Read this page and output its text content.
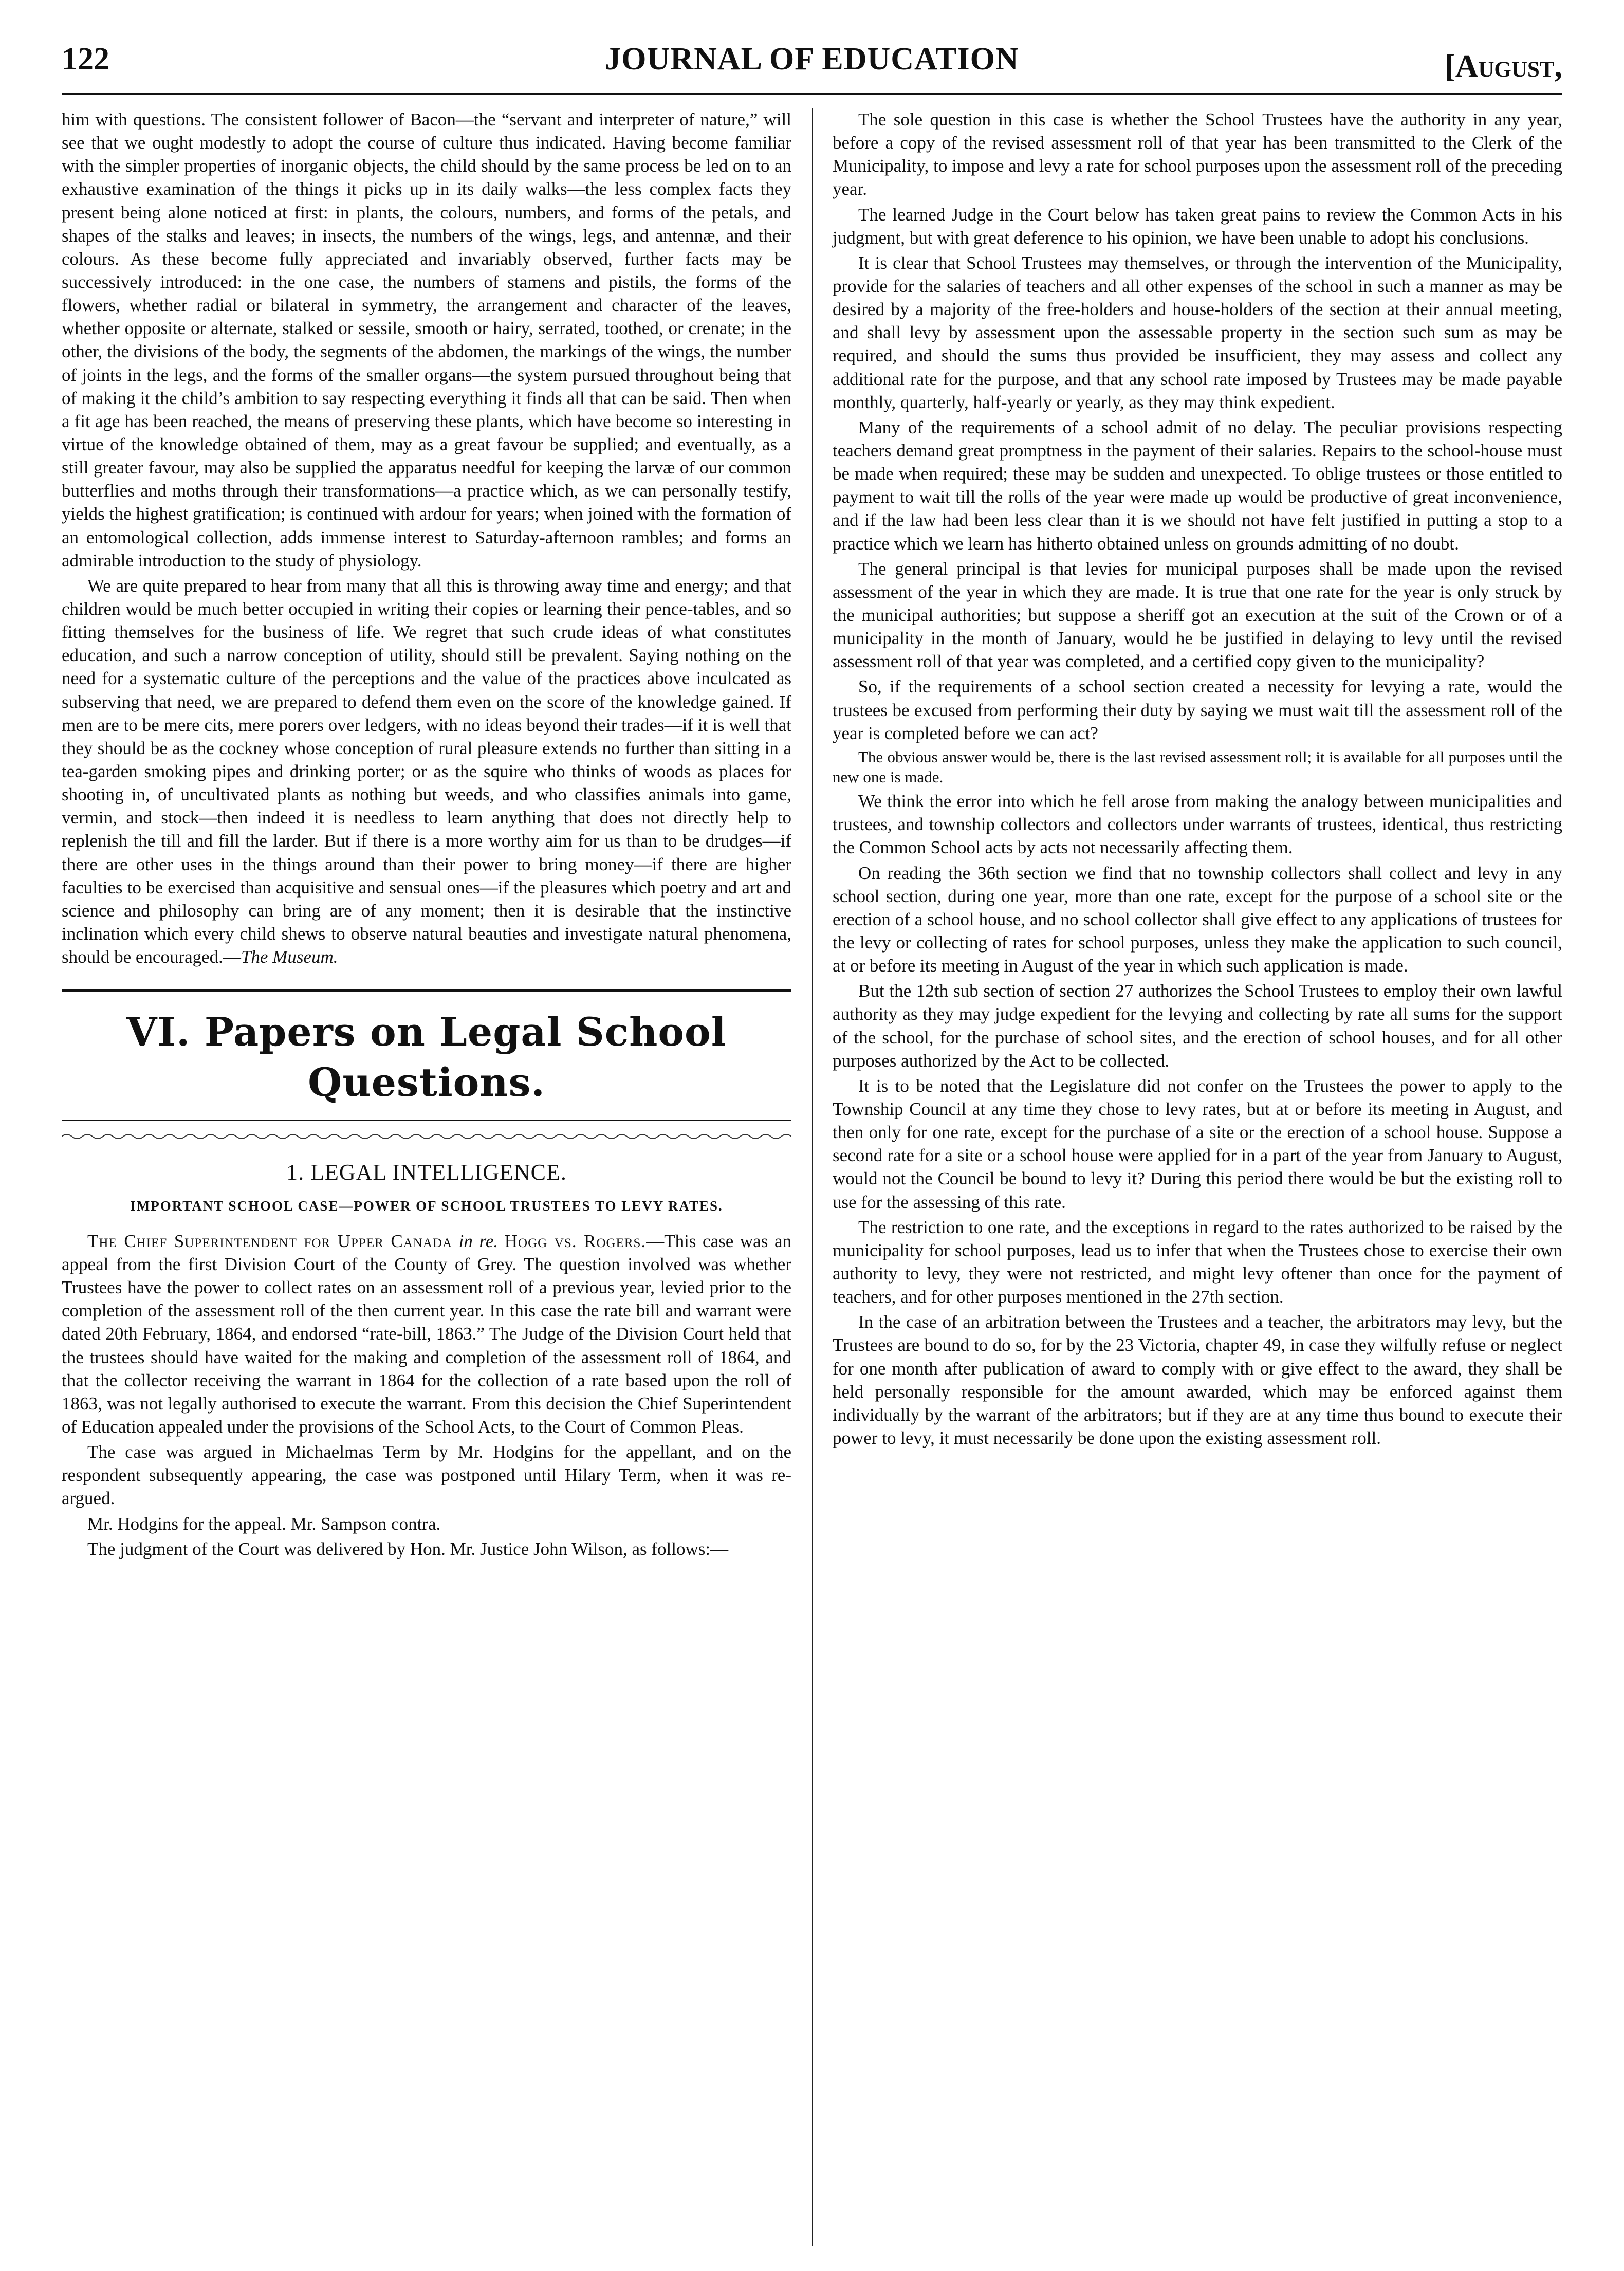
122	JOURNAL OF EDUCATION	[August,

him with questions. The consistent follower of Bacon—the “servant and interpreter of nature,” will see that we ought modestly to adopt the course of culture thus indicated. Having become familiar with the simpler properties of inorganic objects, the child should by the same process be led on to an exhaustive examination of the things it picks up in its daily walks—the less complex facts they present being alone noticed at first: in plants, the colours, numbers, and forms of the petals, and shapes of the stalks and leaves; in insects, the numbers of the wings, legs, and antennæ, and their colours. As these become fully appreciated and invariably observed, further facts may be successively introduced: in the one case, the numbers of stamens and pistils, the forms of the flowers, whether radial or bilateral in symmetry, the arrangement and character of the leaves, whether opposite or alternate, stalked or sessile, smooth or hairy, serrated, toothed, or crenate; in the other, the divisions of the body, the segments of the abdomen, the markings of the wings, the number of joints in the legs, and the forms of the smaller organs—the system pursued throughout being that of making it the child’s ambition to say respecting everything it finds all that can be said. Then when a fit age has been reached, the means of preserving these plants, which have become so interesting in virtue of the knowledge obtained of them, may as a great favour be supplied; and eventually, as a still greater favour, may also be supplied the apparatus needful for keeping the larvæ of our common butterflies and moths through their transformations—a practice which, as we can personally testify, yields the highest gratification; is continued with ardour for years; when joined with the formation of an entomological collection, adds immense interest to Saturday-afternoon rambles; and forms an admirable introduction to the study of physiology.

We are quite prepared to hear from many that all this is throwing away time and energy; and that children would be much better occupied in writing their copies or learning their pence-tables, and so fitting themselves for the business of life. We regret that such crude ideas of what constitutes education, and such a narrow conception of utility, should still be prevalent. Saying nothing on the need for a systematic culture of the perceptions and the value of the practices above inculcated as subserving that need, we are prepared to defend them even on the score of the knowledge gained. If men are to be mere cits, mere porers over ledgers, with no ideas beyond their trades—if it is well that they should be as the cockney whose conception of rural pleasure extends no further than sitting in a tea-garden smoking pipes and drinking porter; or as the squire who thinks of woods as places for shooting in, of uncultivated plants as nothing but weeds, and who classifies animals into game, vermin, and stock—then indeed it is needless to learn anything that does not directly help to replenish the till and fill the larder. But if there is a more worthy aim for us than to be drudges—if there are other uses in the things around than their power to bring money—if there are higher faculties to be exercised than acquisitive and sensual ones—if the pleasures which poetry and art and science and philosophy can bring are of any moment; then it is desirable that the instinctive inclination which every child shews to observe natural beauties and investigate natural phenomena, should be encouraged.—The Museum.

VI. Papers on Legal School Questions.
1. LEGAL INTELLIGENCE.
IMPORTANT SCHOOL CASE—POWER OF SCHOOL TRUSTEES TO LEVY RATES.

The Chief Superintendent for Upper Canada in re. Hogg vs. Rogers.—This case was an appeal from the first Division Court of the County of Grey. The question involved was whether Trustees have the power to collect rates on an assessment roll of a previous year, levied prior to the completion of the assessment roll of the then current year. In this case the rate bill and warrant were dated 20th February, 1864, and endorsed “rate-bill, 1863.” The Judge of the Division Court held that the trustees should have waited for the making and completion of the assessment roll of 1864, and that the collector receiving the warrant in 1864 for the collection of a rate based upon the roll of 1863, was not legally authorised to execute the warrant. From this decision the Chief Superintendent of Education appealed under the provisions of the School Acts, to the Court of Common Pleas.

The case was argued in Michaelmas Term by Mr. Hodgins for the appellant, and on the respondent subsequently appearing, the case was postponed until Hilary Term, when it was re-argued.

Mr. Hodgins for the appeal. Mr. Sampson contra.

The judgment of the Court was delivered by Hon. Mr. Justice John Wilson, as follows:—

The sole question in this case is whether the School Trustees have the authority in any year, before a copy of the revised assessment roll of that year has been transmitted to the Clerk of the Municipality, to impose and levy a rate for school purposes upon the assessment roll of the preceding year.

The learned Judge in the Court below has taken great pains to review the Common Acts in his judgment, but with great deference to his opinion, we have been unable to adopt his conclusions.

It is clear that School Trustees may themselves, or through the intervention of the Municipality, provide for the salaries of teachers and all other expenses of the school in such a manner as may be desired by a majority of the free-holders and house-holders of the section at their annual meeting, and shall levy by assessment upon the assessable property in the section such sum as may be required, and should the sums thus provided be insufficient, they may assess and collect any additional rate for the purpose, and that any school rate imposed by Trustees may be made payable monthly, quarterly, half-yearly or yearly, as they may think expedient.

Many of the requirements of a school admit of no delay. The peculiar provisions respecting teachers demand great promptness in the payment of their salaries. Repairs to the school-house must be made when required; these may be sudden and unexpected. To oblige trustees or those entitled to payment to wait till the rolls of the year were made up would be productive of great inconvenience, and if the law had been less clear than it is we should not have felt justified in putting a stop to a practice which we learn has hitherto obtained unless on grounds admitting of no doubt.

The general principal is that levies for municipal purposes shall be made upon the revised assessment of the year in which they are made. It is true that one rate for the year is only struck by the municipal authorities; but suppose a sheriff got an execution at the suit of the Crown or of a municipality in the month of January, would he be justified in delaying to levy until the revised assessment roll of that year was completed, and a certified copy given to the municipality?

So, if the requirements of a school section created a necessity for levying a rate, would the trustees be excused from performing their duty by saying we must wait till the assessment roll of the year is completed before we can act?

The obvious answer would be, there is the last revised assessment roll; it is available for all purposes until the new one is made.

We think the error into which he fell arose from making the analogy between municipalities and trustees, and township collectors and collectors under warrants of trustees, identical, thus restricting the Common School acts by acts not necessarily affecting them.

On reading the 36th section we find that no township collectors shall collect and levy in any school section, during one year, more than one rate, except for the purpose of a school site or the erection of a school house, and no school collector shall give effect to any applications of trustees for the levy or collecting of rates for school purposes, unless they make the application to such council, at or before its meeting in August of the year in which such application is made.

But the 12th sub section of section 27 authorizes the School Trustees to employ their own lawful authority as they may judge expedient for the levying and collecting by rate all sums for the support of the school, for the purchase of school sites, and the erection of school houses, and for all other purposes authorized by the Act to be collected.

It is to be noted that the Legislature did not confer on the Trustees the power to apply to the Township Council at any time they chose to levy rates, but at or before its meeting in August, and then only for one rate, except for the purchase of a site or the erection of a school house. Suppose a second rate for a site or a school house were applied for in a part of the year from January to August, would not the Council be bound to levy it? During this period there would be but the existing roll to use for the assessing of this rate.

The restriction to one rate, and the exceptions in regard to the rates authorized to be raised by the municipality for school purposes, lead us to infer that when the Trustees chose to exercise their own authority to levy, they were not restricted, and might levy oftener than once for the payment of teachers, and for other purposes mentioned in the 27th section.

In the case of an arbitration between the Trustees and a teacher, the arbitrators may levy, but the Trustees are bound to do so, for by the 23 Victoria, chapter 49, in case they wilfully refuse or neglect for one month after publication of award to comply with or give effect to the award, they shall be held personally responsible for the amount awarded, which may be enforced against them individually by the warrant of the arbitrators; but if they are at any time thus bound to execute their power to levy, it must necessarily be done upon the existing assessment roll.
